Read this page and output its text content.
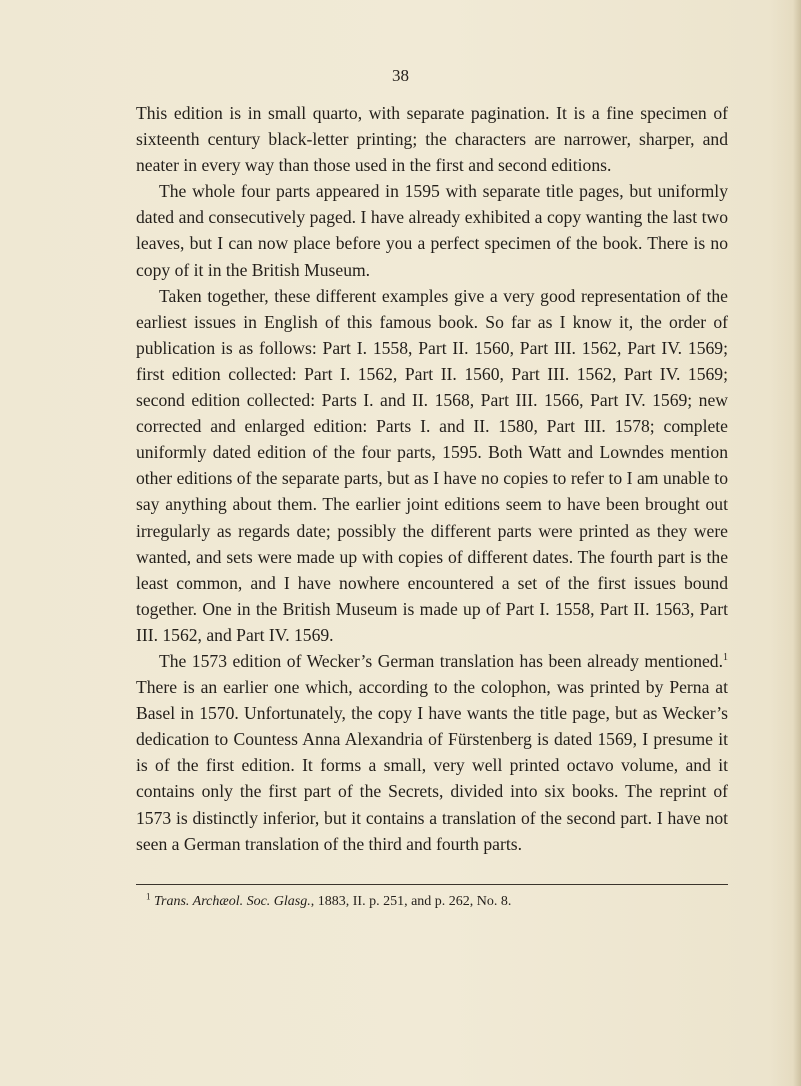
38

This edition is in small quarto, with separate pagination. It is a fine specimen of sixteenth century black-letter printing; the characters are narrower, sharper, and neater in every way than those used in the first and second editions.

The whole four parts appeared in 1595 with separate title pages, but uniformly dated and consecutively paged. I have already exhibited a copy wanting the last two leaves, but I can now place before you a perfect specimen of the book. There is no copy of it in the British Museum.

Taken together, these different examples give a very good representation of the earliest issues in English of this famous book. So far as I know it, the order of publication is as follows: Part I. 1558, Part II. 1560, Part III. 1562, Part IV. 1569; first edition collected: Part I. 1562, Part II. 1560, Part III. 1562, Part IV. 1569; second edition collected: Parts I. and II. 1568, Part III. 1566, Part IV. 1569; new corrected and enlarged edition: Parts I. and II. 1580, Part III. 1578; complete uniformly dated edition of the four parts, 1595. Both Watt and Lowndes mention other editions of the separate parts, but as I have no copies to refer to I am unable to say anything about them. The earlier joint editions seem to have been brought out irregularly as regards date; possibly the different parts were printed as they were wanted, and sets were made up with copies of different dates. The fourth part is the least common, and I have nowhere encountered a set of the first issues bound together. One in the British Museum is made up of Part I. 1558, Part II. 1563, Part III. 1562, and Part IV. 1569.

The 1573 edition of Wecker’s German translation has been already mentioned.$^1$ There is an earlier one which, according to the colophon, was printed by Perna at Basel in 1570. Unfortunately, the copy I have wants the title page, but as Wecker’s dedication to Countess Anna Alexandria of Fürstenberg is dated 1569, I presume it is of the first edition. It forms a small, very well printed octavo volume, and it contains only the first part of the Secrets, divided into six books. The reprint of 1573 is distinctly inferior, but it contains a translation of the second part. I have not seen a German translation of the third and fourth parts.

$^1$ Trans. Archæol. Soc. Glasg., 1883, II. p. 251, and p. 262, No. 8.
